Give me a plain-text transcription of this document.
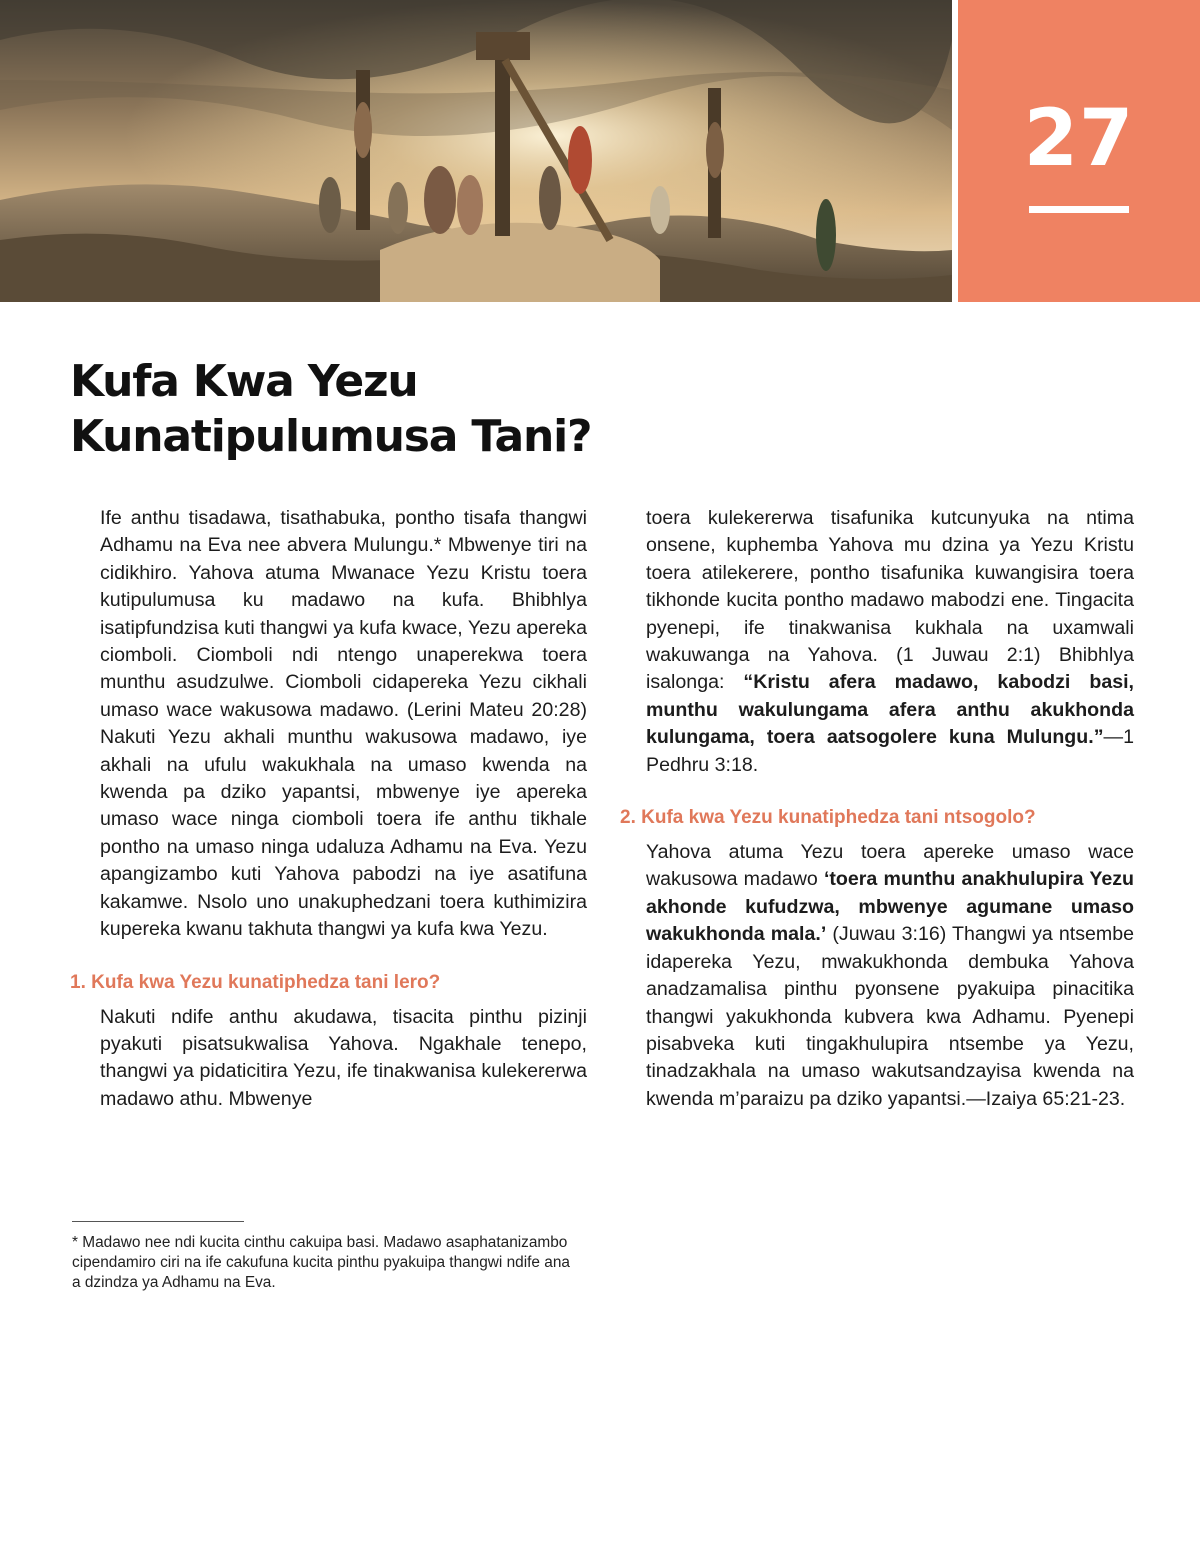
27
Kufa Kwa Yezu
Kunatipulumusa Tani?

Ife anthu tisadawa, tisathabuka, pontho tisafa thangwi Adhamu na Eva nee abvera Mulungu.* Mbwenye tiri na cidikhiro. Yahova atuma Mwanace Yezu Kristu toera kutipulumusa ku madawo na kufa. Bhibhlya isatipfundzisa kuti thangwi ya kufa kwace, Yezu apereka ciomboli. Ciomboli ndi ntengo unaperekwa toera munthu asudzulwe. Ciomboli cidapereka Yezu cikhali umaso wace wakusowa madawo. (Lerini Mateu 20:28) Nakuti Yezu akhali munthu wakusowa madawo, iye akhali na ufulu wakukhala na umaso kwenda na kwenda pa dziko yapantsi, mbwenye iye apereka umaso wace ninga ciomboli toera ife anthu tikhale pontho na umaso ninga udaluza Adhamu na Eva. Yezu apangizambo kuti Yahova pabodzi na iye asatifuna kakamwe. Nsolo uno unakuphedzani toera kuthimizira kupereka kwanu takhuta thangwi ya kufa kwa Yezu.

1. Kufa kwa Yezu kunatiphedza tani lero?

Nakuti ndife anthu akudawa, tisacita pinthu pizinji pyakuti pisatsukwalisa Yahova. Ngakhale tenepo, thangwi ya pidaticitira Yezu, ife tinakwanisa kulekererwa madawo athu. Mbwenye

toera kulekererwa tisafunika kutcunyuka na ntima onsene, kuphemba Yahova mu dzina ya Yezu Kristu toera atilekerere, pontho tisafunika kuwangisira toera tikhonde kucita pontho madawo mabodzi ene. Tingacita pyenepi, ife tinakwanisa kukhala na uxamwali wakuwanga na Yahova. (1 Juwau 2:1) Bhibhlya isalonga: “Kristu afera madawo, kabodzi basi, munthu wakulungama afera anthu akukhonda kulungama, toera aatsogolere kuna Mulungu.”—1 Pedhru 3:18.

2. Kufa kwa Yezu kunatiphedza tani ntsogolo?

Yahova atuma Yezu toera apereke umaso wace wakusowa madawo ‘toera munthu anakhulupira Yezu akhonde kufudzwa, mbwenye agumane umaso wakukhonda mala.’ (Juwau 3:16) Thangwi ya ntsembe idapereka Yezu, mwakukhonda dembuka Yahova anadzamalisa pinthu pyonsene pyakuipa pinacitika thangwi yakukhonda kubvera kwa Adhamu. Pyenepi pisabveka kuti tingakhulupira ntsembe ya Yezu, tinadzakhala na umaso wakutsandzayisa kwenda na kwenda m’paraizu pa dziko yapantsi.—Izaiya 65:21-23.

* Madawo nee ndi kucita cinthu cakuipa basi. Madawo asaphatanizambo cipendamiro ciri na ife cakufuna kucita pinthu pyakuipa thangwi ndife ana a dzindza ya Adhamu na Eva.
